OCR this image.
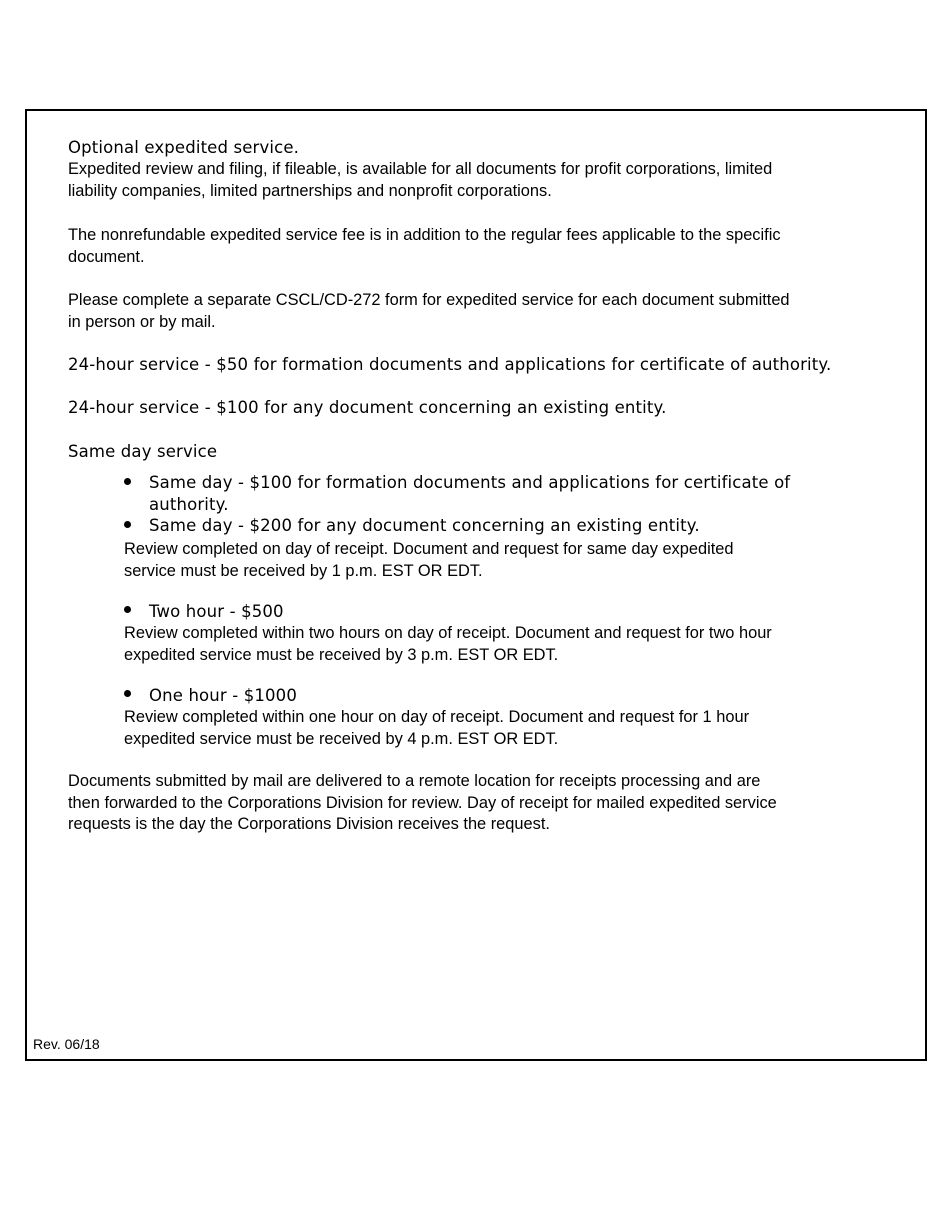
Optional expedited service.
Expedited review and filing, if fileable, is available for all documents for profit corporations, limited
liability companies, limited partnerships and nonprofit corporations.
The nonrefundable expedited service fee is in addition to the regular fees applicable to the specific
document.
Please complete a separate CSCL/CD-272 form for expedited service for each document submitted
in person or by mail.
24-hour service - $50 for formation documents and applications for certificate of authority.
24-hour service - $100 for any document concerning an existing entity.
Same day service
Same day - $100 for formation documents and applications for certificate of
authority.
Same day - $200 for any document concerning an existing entity.
Review completed on day of receipt. Document and request for same day expedited
service must be received by 1 p.m. EST OR EDT.
Two hour - $500
Review completed within two hours on day of receipt. Document and request for two hour
expedited service must be received by 3 p.m. EST OR EDT.
One hour - $1000
Review completed within one hour on day of receipt. Document and request for 1 hour
expedited service must be received by 4 p.m. EST OR EDT.
Documents submitted by mail are delivered to a remote location for receipts processing and are
then forwarded to the Corporations Division for review. Day of receipt for mailed expedited service
requests is the day the Corporations Division receives the request.
Rev. 06/18
